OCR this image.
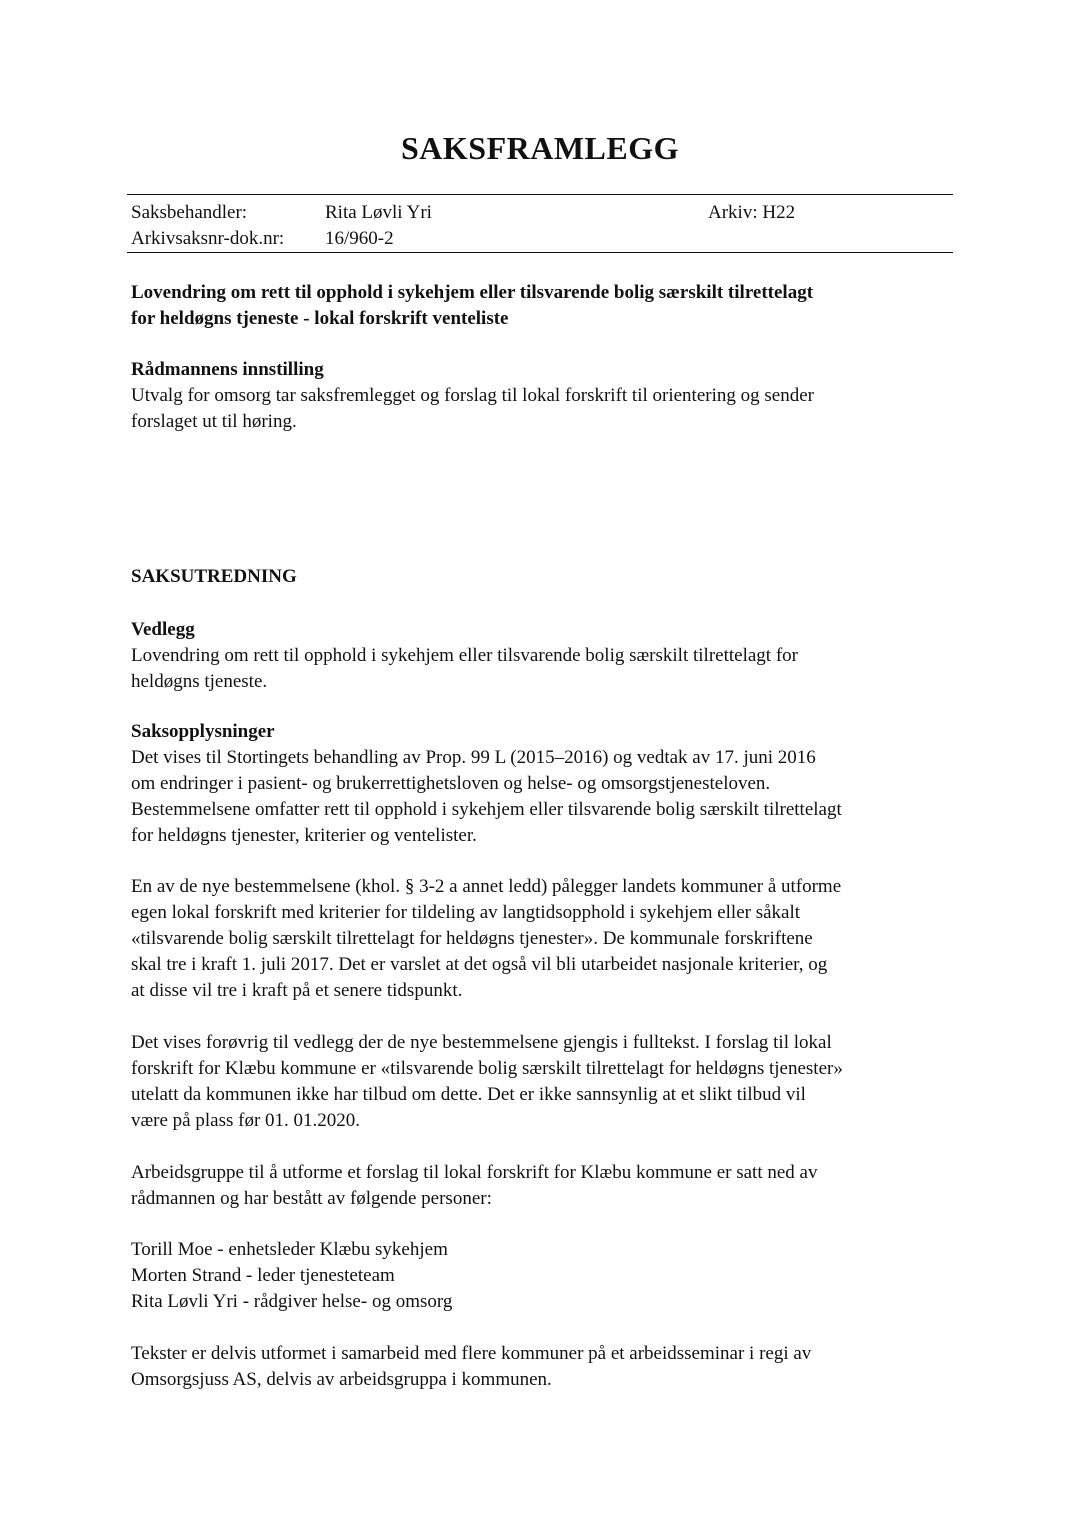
SAKSFRAMLEGG
Saksbehandler:	Rita Løvli Yri	Arkiv: H22
Arkivsaksnr-dok.nr: 16/960-2

Lovendring om rett til opphold i sykehjem eller tilsvarende bolig særskilt tilrettelagt

for heldøgns tjeneste - lokal forskrift venteliste

Rådmannens innstilling

Utvalg for omsorg tar saksfremlegget og forslag til lokal forskrift til orientering og sender

forslaget ut til høring.

SAKSUTREDNING

Vedlegg

Lovendring om rett til opphold i sykehjem eller tilsvarende bolig særskilt tilrettelagt for

heldøgns tjeneste.

Saksopplysninger

Det vises til Stortingets behandling av Prop. 99 L (2015–2016) og vedtak av 17. juni 2016

om endringer i pasient- og brukerrettighetsloven og helse- og omsorgstjenesteloven.

Bestemmelsene omfatter rett til opphold i sykehjem eller tilsvarende bolig særskilt tilrettelagt

for heldøgns tjenester, kriterier og ventelister.

En av de nye bestemmelsene (khol. § 3-2 a annet ledd) pålegger landets kommuner å utforme

egen lokal forskrift med kriterier for tildeling av langtidsopphold i sykehjem eller såkalt

«tilsvarende bolig særskilt tilrettelagt for heldøgns tjenester». De kommunale forskriftene

skal tre i kraft 1. juli 2017. Det er varslet at det også vil bli utarbeidet nasjonale kriterier, og

at disse vil tre i kraft på et senere tidspunkt.

Det vises forøvrig til vedlegg der de nye bestemmelsene gjengis i fulltekst. I forslag til lokal

forskrift for Klæbu kommune er «tilsvarende bolig særskilt tilrettelagt for heldøgns tjenester»

utelatt da kommunen ikke har tilbud om dette. Det er ikke sannsynlig at et slikt tilbud vil

være på plass før 01. 01.2020.

Arbeidsgruppe til å utforme et forslag til lokal forskrift for Klæbu kommune er satt ned av

rådmannen og har bestått av følgende personer:

Torill Moe - enhetsleder Klæbu sykehjem

Morten Strand - leder tjenesteteam

Rita Løvli Yri - rådgiver helse- og omsorg

Tekster er delvis utformet i samarbeid med flere kommuner på et arbeidsseminar i regi av

Omsorgsjuss AS, delvis av arbeidsgruppa i kommunen.
